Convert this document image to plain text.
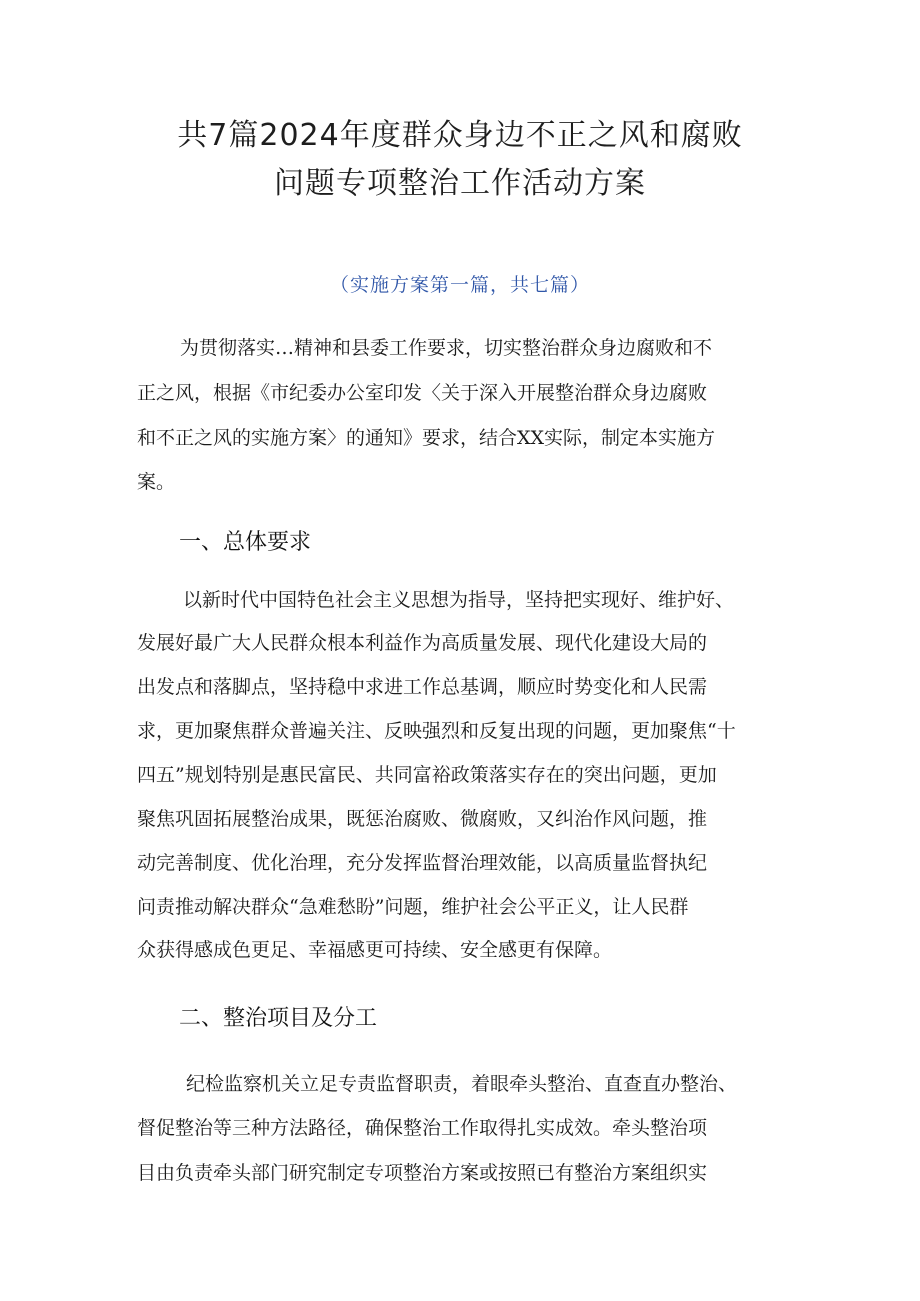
共7篇2024年度群众身边不正之风和腐败
问题专项整治工作活动方案
（实施方案第一篇，共七篇）
为贯彻落实…精神和县委工作要求，切实整治群众身边腐败和不
正之风，根据《市纪委办公室印发〈关于深入开展整治群众身边腐败
和不正之风的实施方案〉的通知》要求，结合XX实际，制定本实施方
案。
一、总体要求
以新时代中国特色社会主义思想为指导，坚持把实现好、维护好、
发展好最广大人民群众根本利益作为高质量发展、现代化建设大局的
出发点和落脚点，坚持稳中求进工作总基调，顺应时势变化和人民需
求，更加聚焦群众普遍关注、反映强烈和反复出现的问题，更加聚焦“十
四五”规划特别是惠民富民、共同富裕政策落实存在的突出问题，更加
聚焦巩固拓展整治成果，既惩治腐败、微腐败，又纠治作风问题，推
动完善制度、优化治理，充分发挥监督治理效能，以高质量监督执纪
问责推动解决群众“急难愁盼”问题，维护社会公平正义，让人民群
众获得感成色更足、幸福感更可持续、安全感更有保障。
二、整治项目及分工
纪检监察机关立足专责监督职责，着眼牵头整治、直查直办整治、
督促整治等三种方法路径，确保整治工作取得扎实成效。牵头整治项
目由负责牵头部门研究制定专项整治方案或按照已有整治方案组织实
